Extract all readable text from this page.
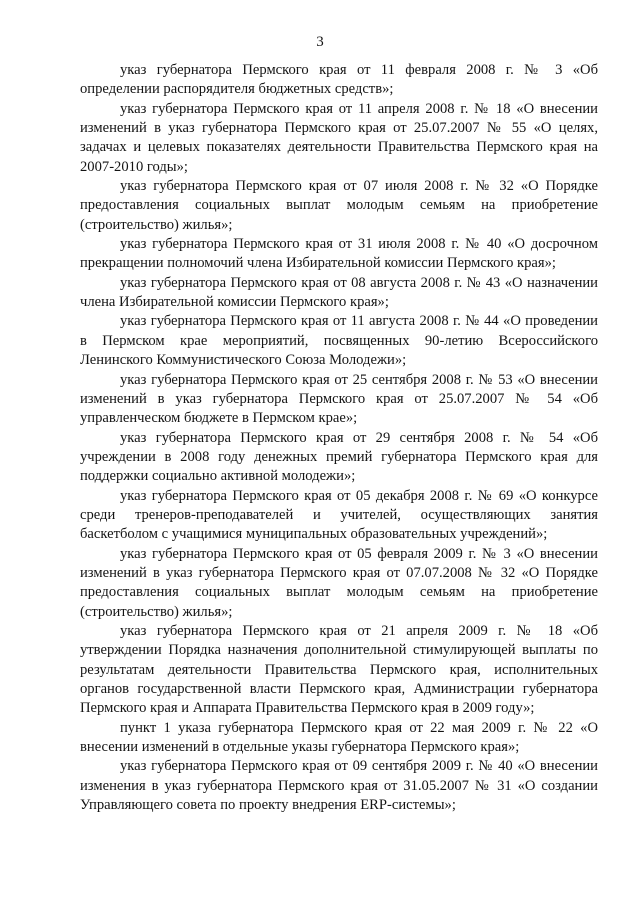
3

указ губернатора Пермского края от 11 февраля 2008 г. № 3 «Об определении распорядителя бюджетных средств»;

указ губернатора Пермского края от 11 апреля 2008 г. № 18 «О внесении изменений в указ губернатора Пермского края от 25.07.2007 № 55 «О целях, задачах и целевых показателях деятельности Правительства Пермского края на 2007-2010 годы»;

указ губернатора Пермского края от 07 июля 2008 г. № 32 «О Порядке предоставления социальных выплат молодым семьям на приобретение (строительство) жилья»;

указ губернатора Пермского края от 31 июля 2008 г. № 40 «О досрочном прекращении полномочий члена Избирательной комиссии Пермского края»;

указ губернатора Пермского края от 08 августа 2008 г. № 43 «О назначении члена Избирательной комиссии Пермского края»;

указ губернатора Пермского края от 11 августа 2008 г. № 44 «О проведении в Пермском крае мероприятий, посвященных 90-летию Всероссийского Ленинского Коммунистического Союза Молодежи»;

указ губернатора Пермского края от 25 сентября 2008 г. № 53 «О внесении изменений в указ губернатора Пермского края от 25.07.2007 № 54 «Об управленческом бюджете в Пермском крае»;

указ губернатора Пермского края от 29 сентября 2008 г. № 54 «Об учреждении в 2008 году денежных премий губернатора Пермского края для поддержки социально активной молодежи»;

указ губернатора Пермского края от 05 декабря 2008 г. № 69 «О конкурсе среди тренеров-преподавателей и учителей, осуществляющих занятия баскетболом с учащимися муниципальных образовательных учреждений»;

указ губернатора Пермского края от 05 февраля 2009 г. № 3 «О внесении изменений в указ губернатора Пермского края от 07.07.2008 № 32 «О Порядке предоставления социальных выплат молодым семьям на приобретение (строительство) жилья»;

указ губернатора Пермского края от 21 апреля 2009 г. № 18 «Об утверждении Порядка назначения дополнительной стимулирующей выплаты по результатам деятельности Правительства Пермского края, исполнительных органов государственной власти Пермского края, Администрации губернатора Пермского края и Аппарата Правительства Пермского края в 2009 году»;

пункт 1 указа губернатора Пермского края от 22 мая 2009 г. № 22 «О внесении изменений в отдельные указы губернатора Пермского края»;

указ губернатора Пермского края от 09 сентября 2009 г. № 40 «О внесении изменения в указ губернатора Пермского края от 31.05.2007 № 31 «О создании Управляющего совета по проекту внедрения ERP-системы»;
